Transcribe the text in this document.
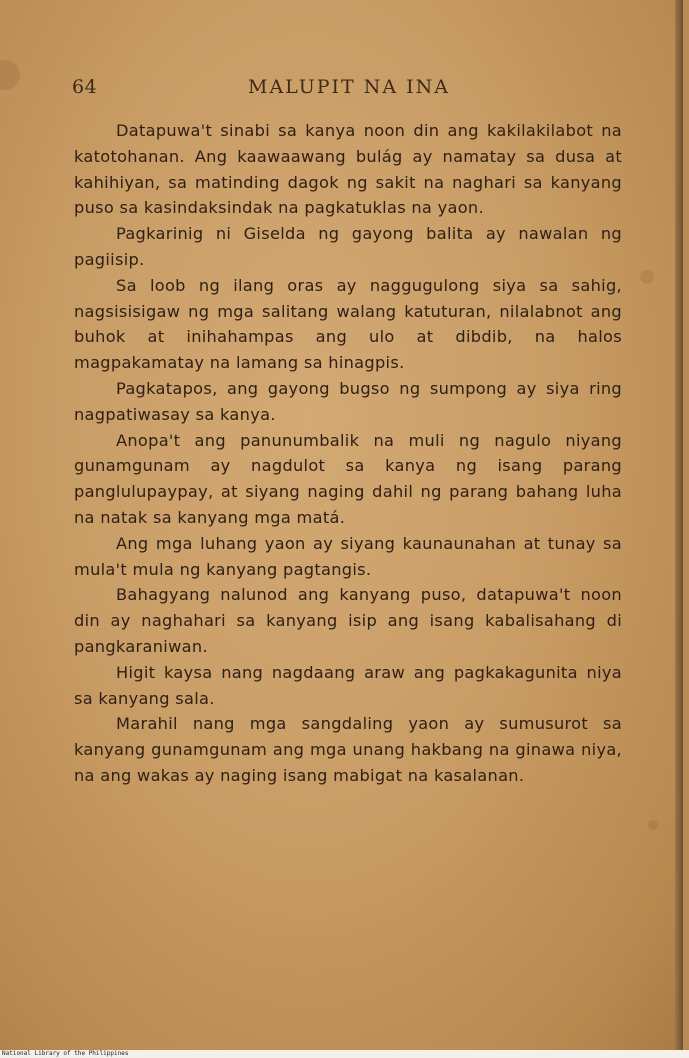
64	MALUPIT NA INA

Datapuwa't sinabi sa kanya noon din ang kakilakilabot na katotohanan. Ang kaawaawang bulág ay namatay sa dusa at kahihiyan, sa matinding dagok ng sakit na naghari sa kanyang puso sa kasindaksindak na pagkatuklas na yaon.

Pagkarinig ni Giselda ng gayong balita ay nawalan ng pagiisip.

Sa loob ng ilang oras ay naggugulong siya sa sahig, nagsisisigaw ng mga salitang walang katuturan, nilalabnot ang buhok at inihahampas ang ulo at dibdib, na halos magpakamatay na lamang sa hinagpis.

Pagkatapos, ang gayong bugso ng sumpong ay siya ring nagpatiwasay sa kanya.

Anopa't ang panunumbalik na muli ng nagulo niyang gunamgunam ay nagdulot sa kanya ng isang parang panglulupaypay, at siyang naging dahil ng parang bahang luha na natak sa kanyang mga matá.

Ang mga luhang yaon ay siyang kaunaunahan at tunay sa mula't mula ng kanyang pagtangis.

Bahagyang nalunod ang kanyang puso, datapuwa't noon din ay naghahari sa kanyang isip ang isang kabalisahang di pangkaraniwan.

Higit kaysa nang nagdaang araw ang pagkakagunita niya sa kanyang sala.

Marahil nang mga sangdaling yaon ay sumusurot sa kanyang gunamgunam ang mga unang hakbang na ginawa niya, na ang wakas ay naging isang mabigat na kasalanan.

National Library of the Philippines
